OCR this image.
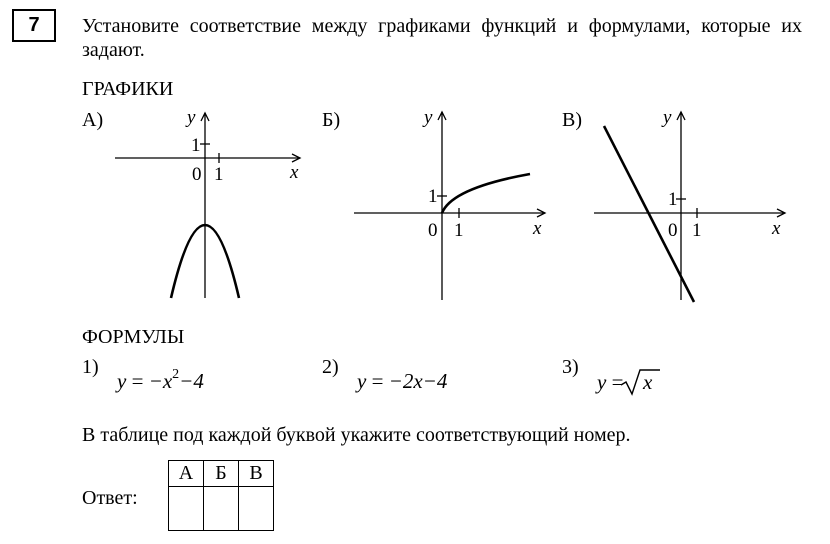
7	Установите соответствие между графиками функций и формулами, которые их задают.
ГРАФИКИ
А)	y
1
0 1	x
Б)	y
1
0 1	x
В)	y
1
0 1	x
ФОРМУЛЫ
1)
$y = -x^2-4$
2)
y = −2x−4
3)
y = x
В таблице под каждой буквой укажите соответствующий номер.
Ответ:
А	Б	В
